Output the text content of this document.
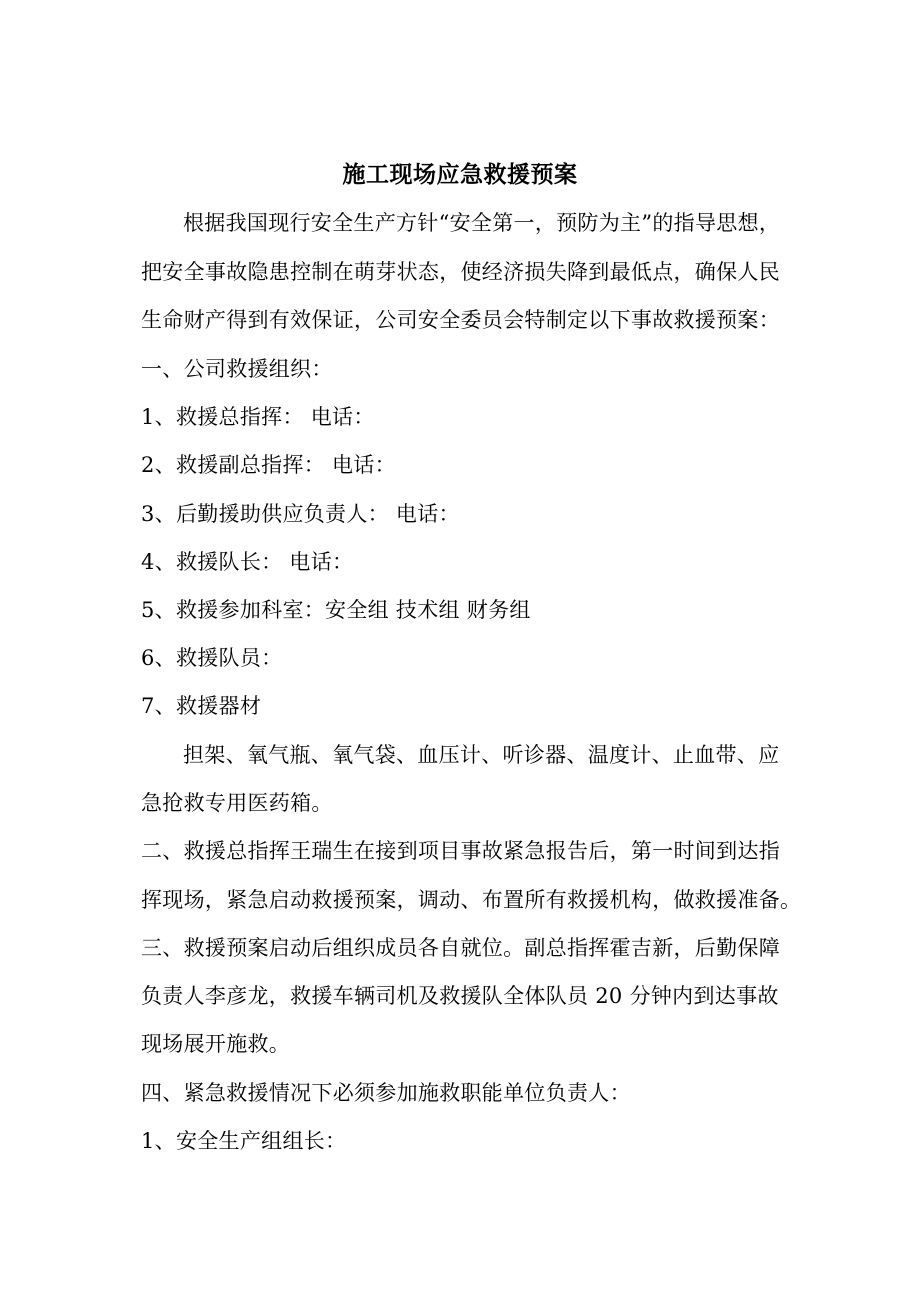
施工现场应急救援预案
根据我国现行安全生产方针“安全第一，预防为主”的指导思想，
把安全事故隐患控制在萌芽状态，使经济损失降到最低点，确保人民
生命财产得到有效保证，公司安全委员会特制定以下事故救援预案：
一、公司救援组织：
1、救援总指挥： 电话：
2、救援副总指挥： 电话：
3、后勤援助供应负责人： 电话：
4、救援队长： 电话：
5、救援参加科室：安全组 技术组 财务组
6、救援队员：
7、救援器材
担架、氧气瓶、氧气袋、血压计、听诊器、温度计、止血带、应
急抢救专用医药箱。
二、救援总指挥王瑞生在接到项目事故紧急报告后，第一时间到达指
挥现场，紧急启动救援预案，调动、布置所有救援机构，做救援准备。
三、救援预案启动后组织成员各自就位。副总指挥霍吉新，后勤保障
负责人李彦龙，救援车辆司机及救援队全体队员 20 分钟内到达事故
现场展开施救。
四、紧急救援情况下必须参加施救职能单位负责人：
1、安全生产组组长：
